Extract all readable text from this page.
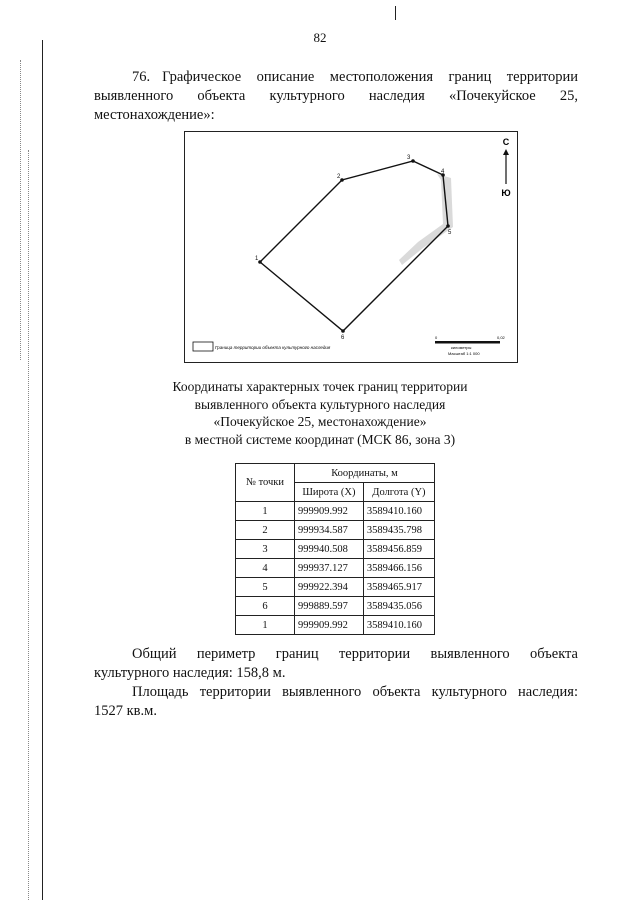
82
76. Графическое описание местоположения границ территории
выявленного объекта культурного наследия «Почекуйское 25,
местонахождение»:
1
2
3
4
5
6
С
Ю
Граница территории объекта культурного наследия
0	0,02
километры
Масштаб 1:1 000
Координаты характерных точек границ территории
выявленного объекта культурного наследия
«Почекуйское 25, местонахождение»
в местной системе координат (МСК 86, зона 3)
№ точки	Координаты, м	
	Широта (X)	Долгота (Y)
1	999909.992	3589410.160
2	999934.587	3589435.798
3	999940.508	3589456.859
4	999937.127	3589466.156
5	999922.394	3589465.917
6	999889.597	3589435.056
1	999909.992	3589410.160
Общий периметр границ территории выявленного объекта
культурного наследия: 158,8 м.
Площадь территории выявленного объекта культурного наследия:
1527 кв.м.
